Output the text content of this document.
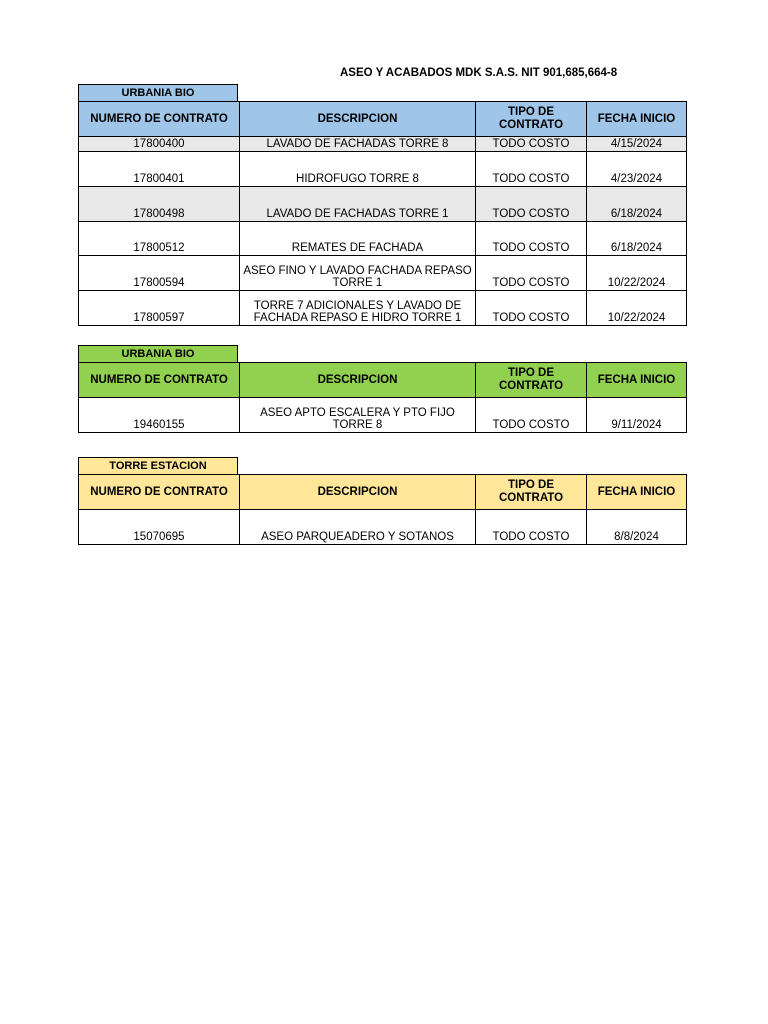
ASEO Y ACABADOS MDK S.A.S. NIT 901,685,664-8
URBANIA BIO
NUMERO DE CONTRATO	DESCRIPCION	TIPO DE CONTRATO	FECHA INICIO
17800400	LAVADO DE FACHADAS TORRE 8	TODO COSTO	4/15/2024
17800401	HIDROFUGO TORRE 8	TODO COSTO	4/23/2024
17800498	LAVADO DE FACHADAS TORRE 1	TODO COSTO	6/18/2024
17800512	REMATES DE FACHADA	TODO COSTO	6/18/2024
17800594	ASEO FINO Y LAVADO FACHADA REPASO TORRE 1	TODO COSTO	10/22/2024
17800597	TORRE 7 ADICIONALES Y LAVADO DE FACHADA REPASO E HIDRO TORRE 1	TODO COSTO	10/22/2024
URBANIA BIO
NUMERO DE CONTRATO	DESCRIPCION	TIPO DE CONTRATO	FECHA INICIO
19460155	ASEO APTO ESCALERA Y PTO FIJO TORRE 8	TODO COSTO	9/11/2024
TORRE ESTACION
NUMERO DE CONTRATO	DESCRIPCION	TIPO DE CONTRATO	FECHA INICIO
15070695	ASEO PARQUEADERO Y SOTANOS	TODO COSTO	8/8/2024
